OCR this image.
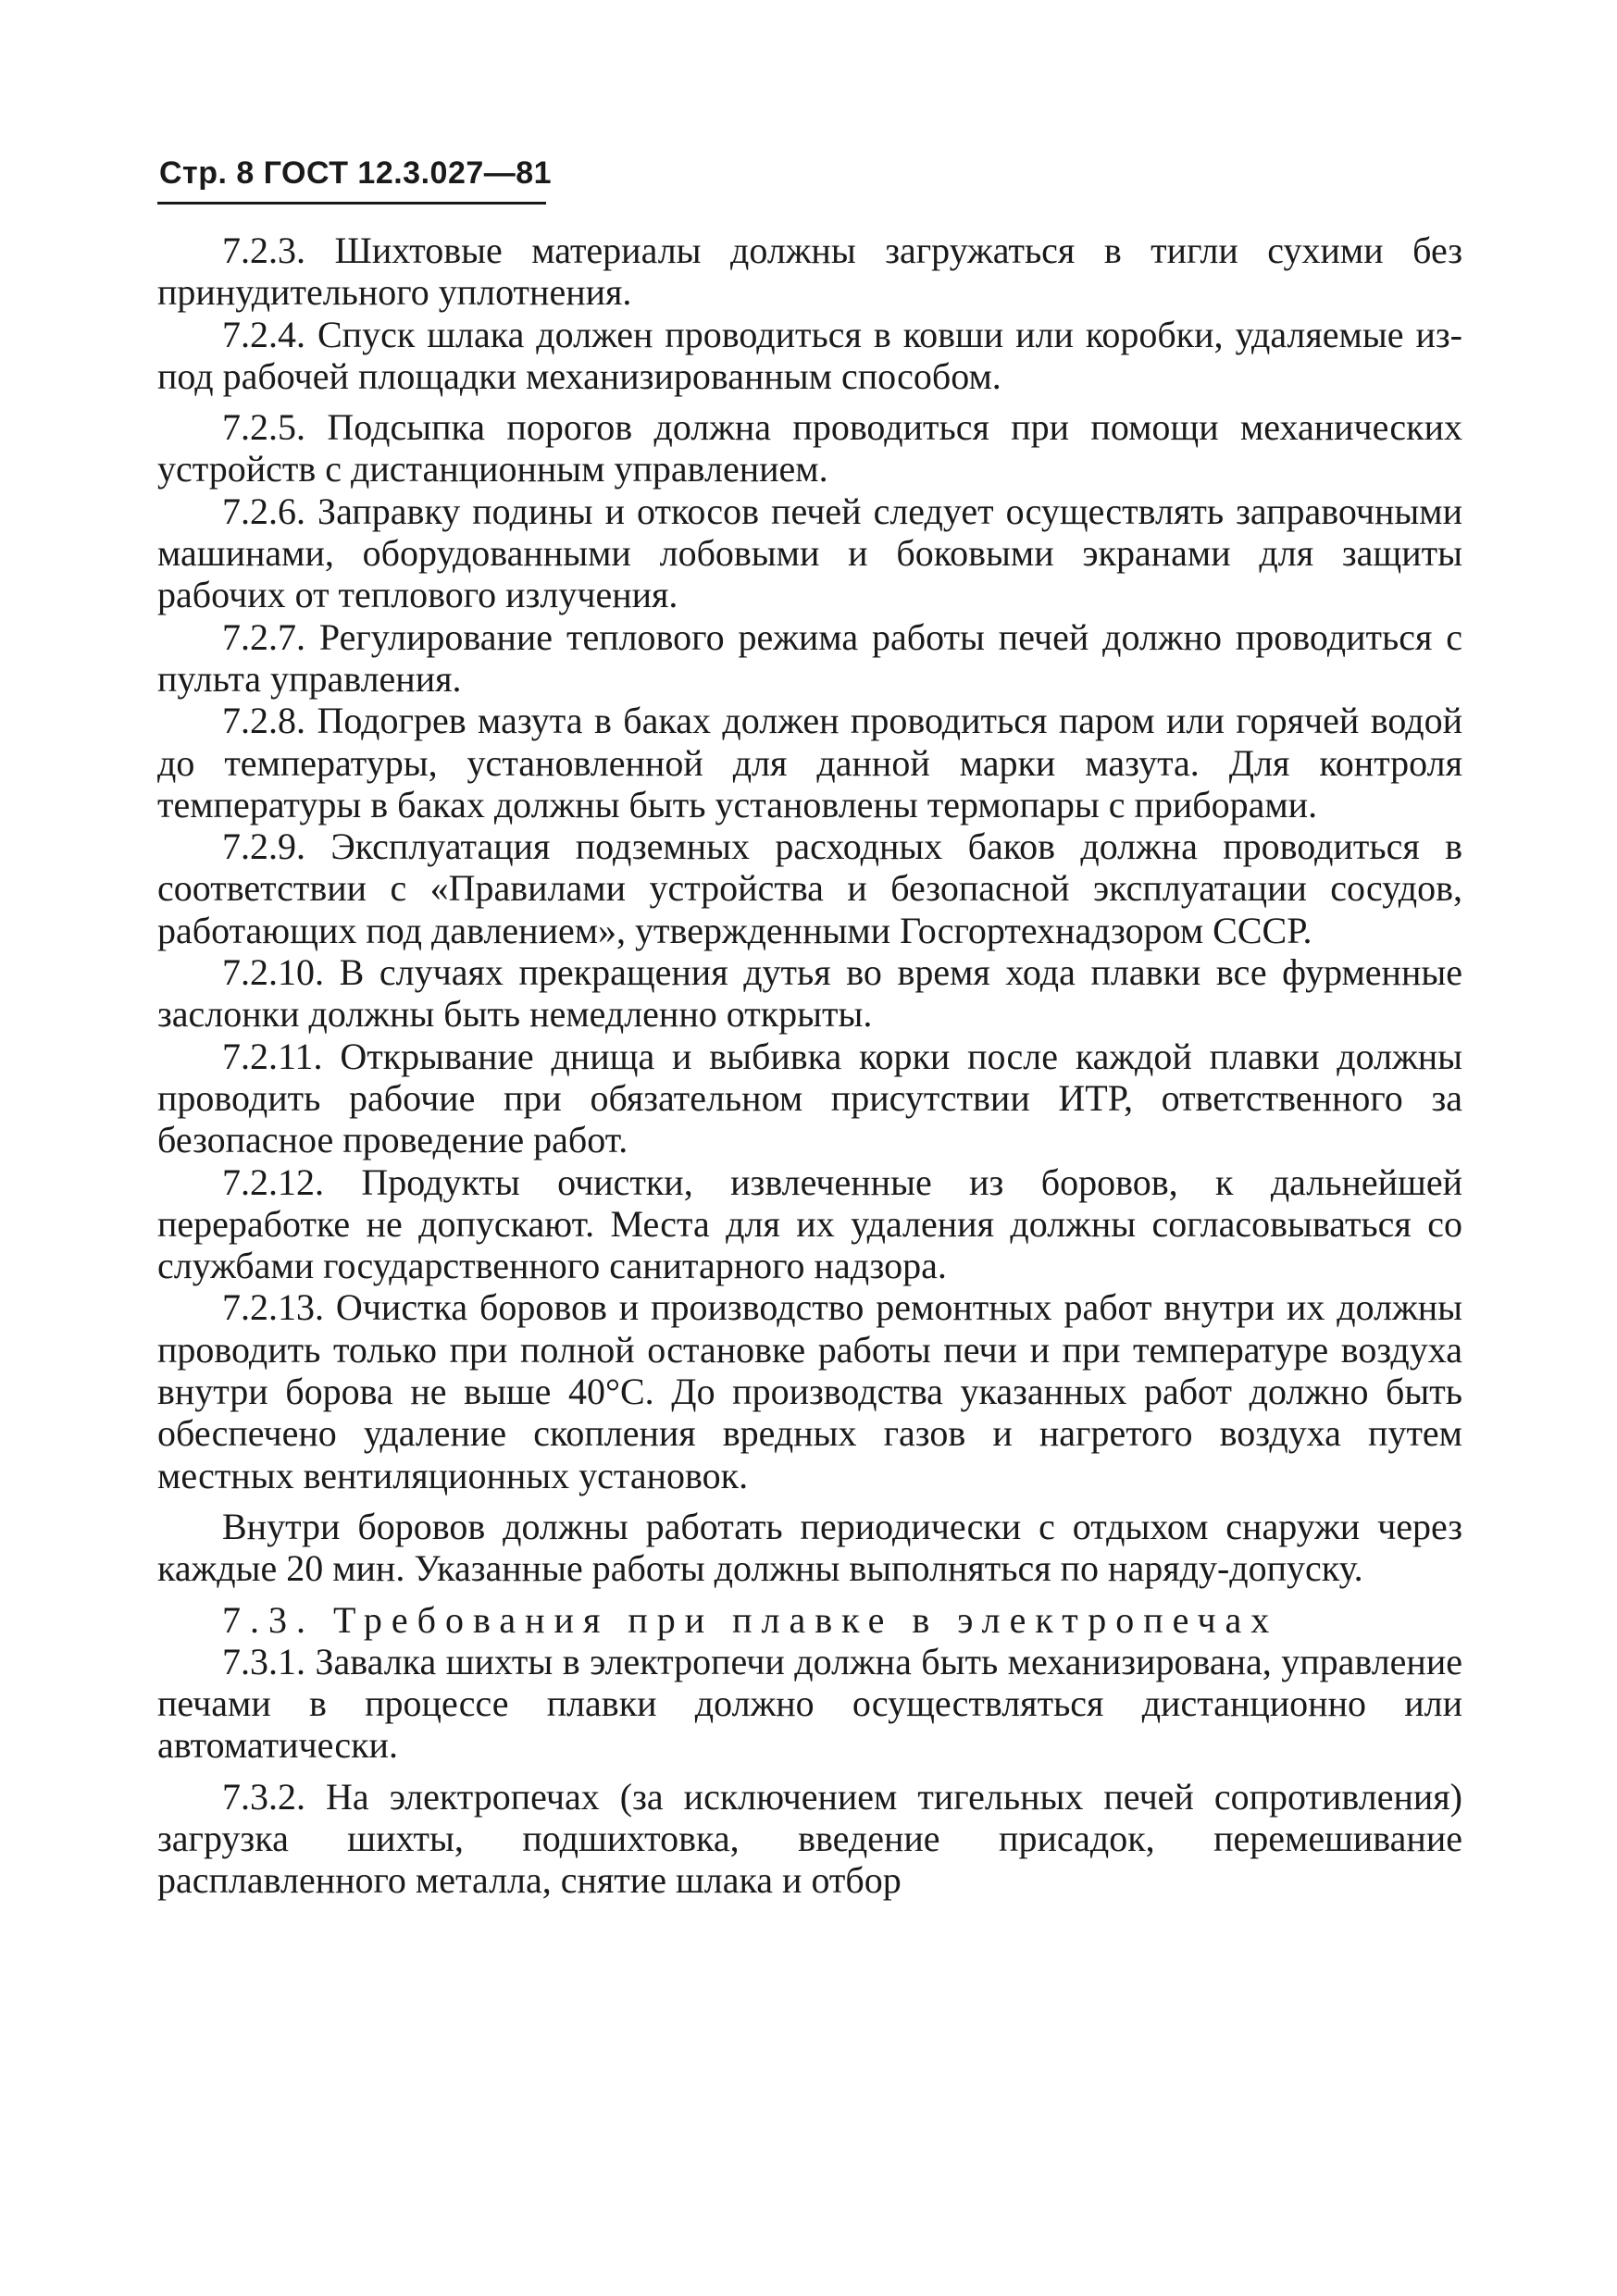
Стр. 8 ГОСТ 12.3.027—81

7.2.3. Шихтовые материалы должны загружаться в тигли сухими без принудительного уплотнения.

7.2.4. Спуск шлака должен проводиться в ковши или коробки, удаляемые из-под рабочей площадки механизированным способом.

7.2.5. Подсыпка порогов должна проводиться при помощи механических устройств с дистанционным управлением.

7.2.6. Заправку подины и откосов печей следует осуществлять заправочными машинами, оборудованными лобовыми и боковыми экранами для защиты рабочих от теплового излучения.

7.2.7. Регулирование теплового режима работы печей должно проводиться с пульта управления.

7.2.8. Подогрев мазута в баках должен проводиться паром или горячей водой до температуры, установленной для данной марки мазута. Для контроля температуры в баках должны быть установлены термопары с приборами.

7.2.9. Эксплуатация подземных расходных баков должна проводиться в соответствии с «Правилами устройства и безопасной эксплуатации сосудов, работающих под давлением», утвержденными Госгортехнадзором СССР.

7.2.10. В случаях прекращения дутья во время хода плавки все фурменные заслонки должны быть немедленно открыты.

7.2.11. Открывание днища и выбивка корки после каждой плавки должны проводить рабочие при обязательном присутствии ИТР, ответственного за безопасное проведение работ.

7.2.12. Продукты очистки, извлеченные из боровов, к дальнейшей переработке не допускают. Места для их удаления должны согласовываться со службами государственного санитарного надзора.

7.2.13. Очистка боровов и производство ремонтных работ внутри их должны проводить только при полной остановке работы печи и при температуре воздуха внутри борова не выше 40°С. До производства указанных работ должно быть обеспечено удаление скопления вредных газов и нагретого воздуха путем местных вентиляционных установок.

Внутри боровов должны работать периодически с отдыхом снаружи через каждые 20 мин. Указанные работы должны выполняться по наряду-допуску.

7.3. Требования при плавке в электропечах

7.3.1. Завалка шихты в электропечи должна быть механизирована, управление печами в процессе плавки должно осуществляться дистанционно или автоматически.

7.3.2. На электропечах (за исключением тигельных печей сопротивления) загрузка шихты, подшихтовка, введение присадок, перемешивание расплавленного металла, снятие шлака и отбор
